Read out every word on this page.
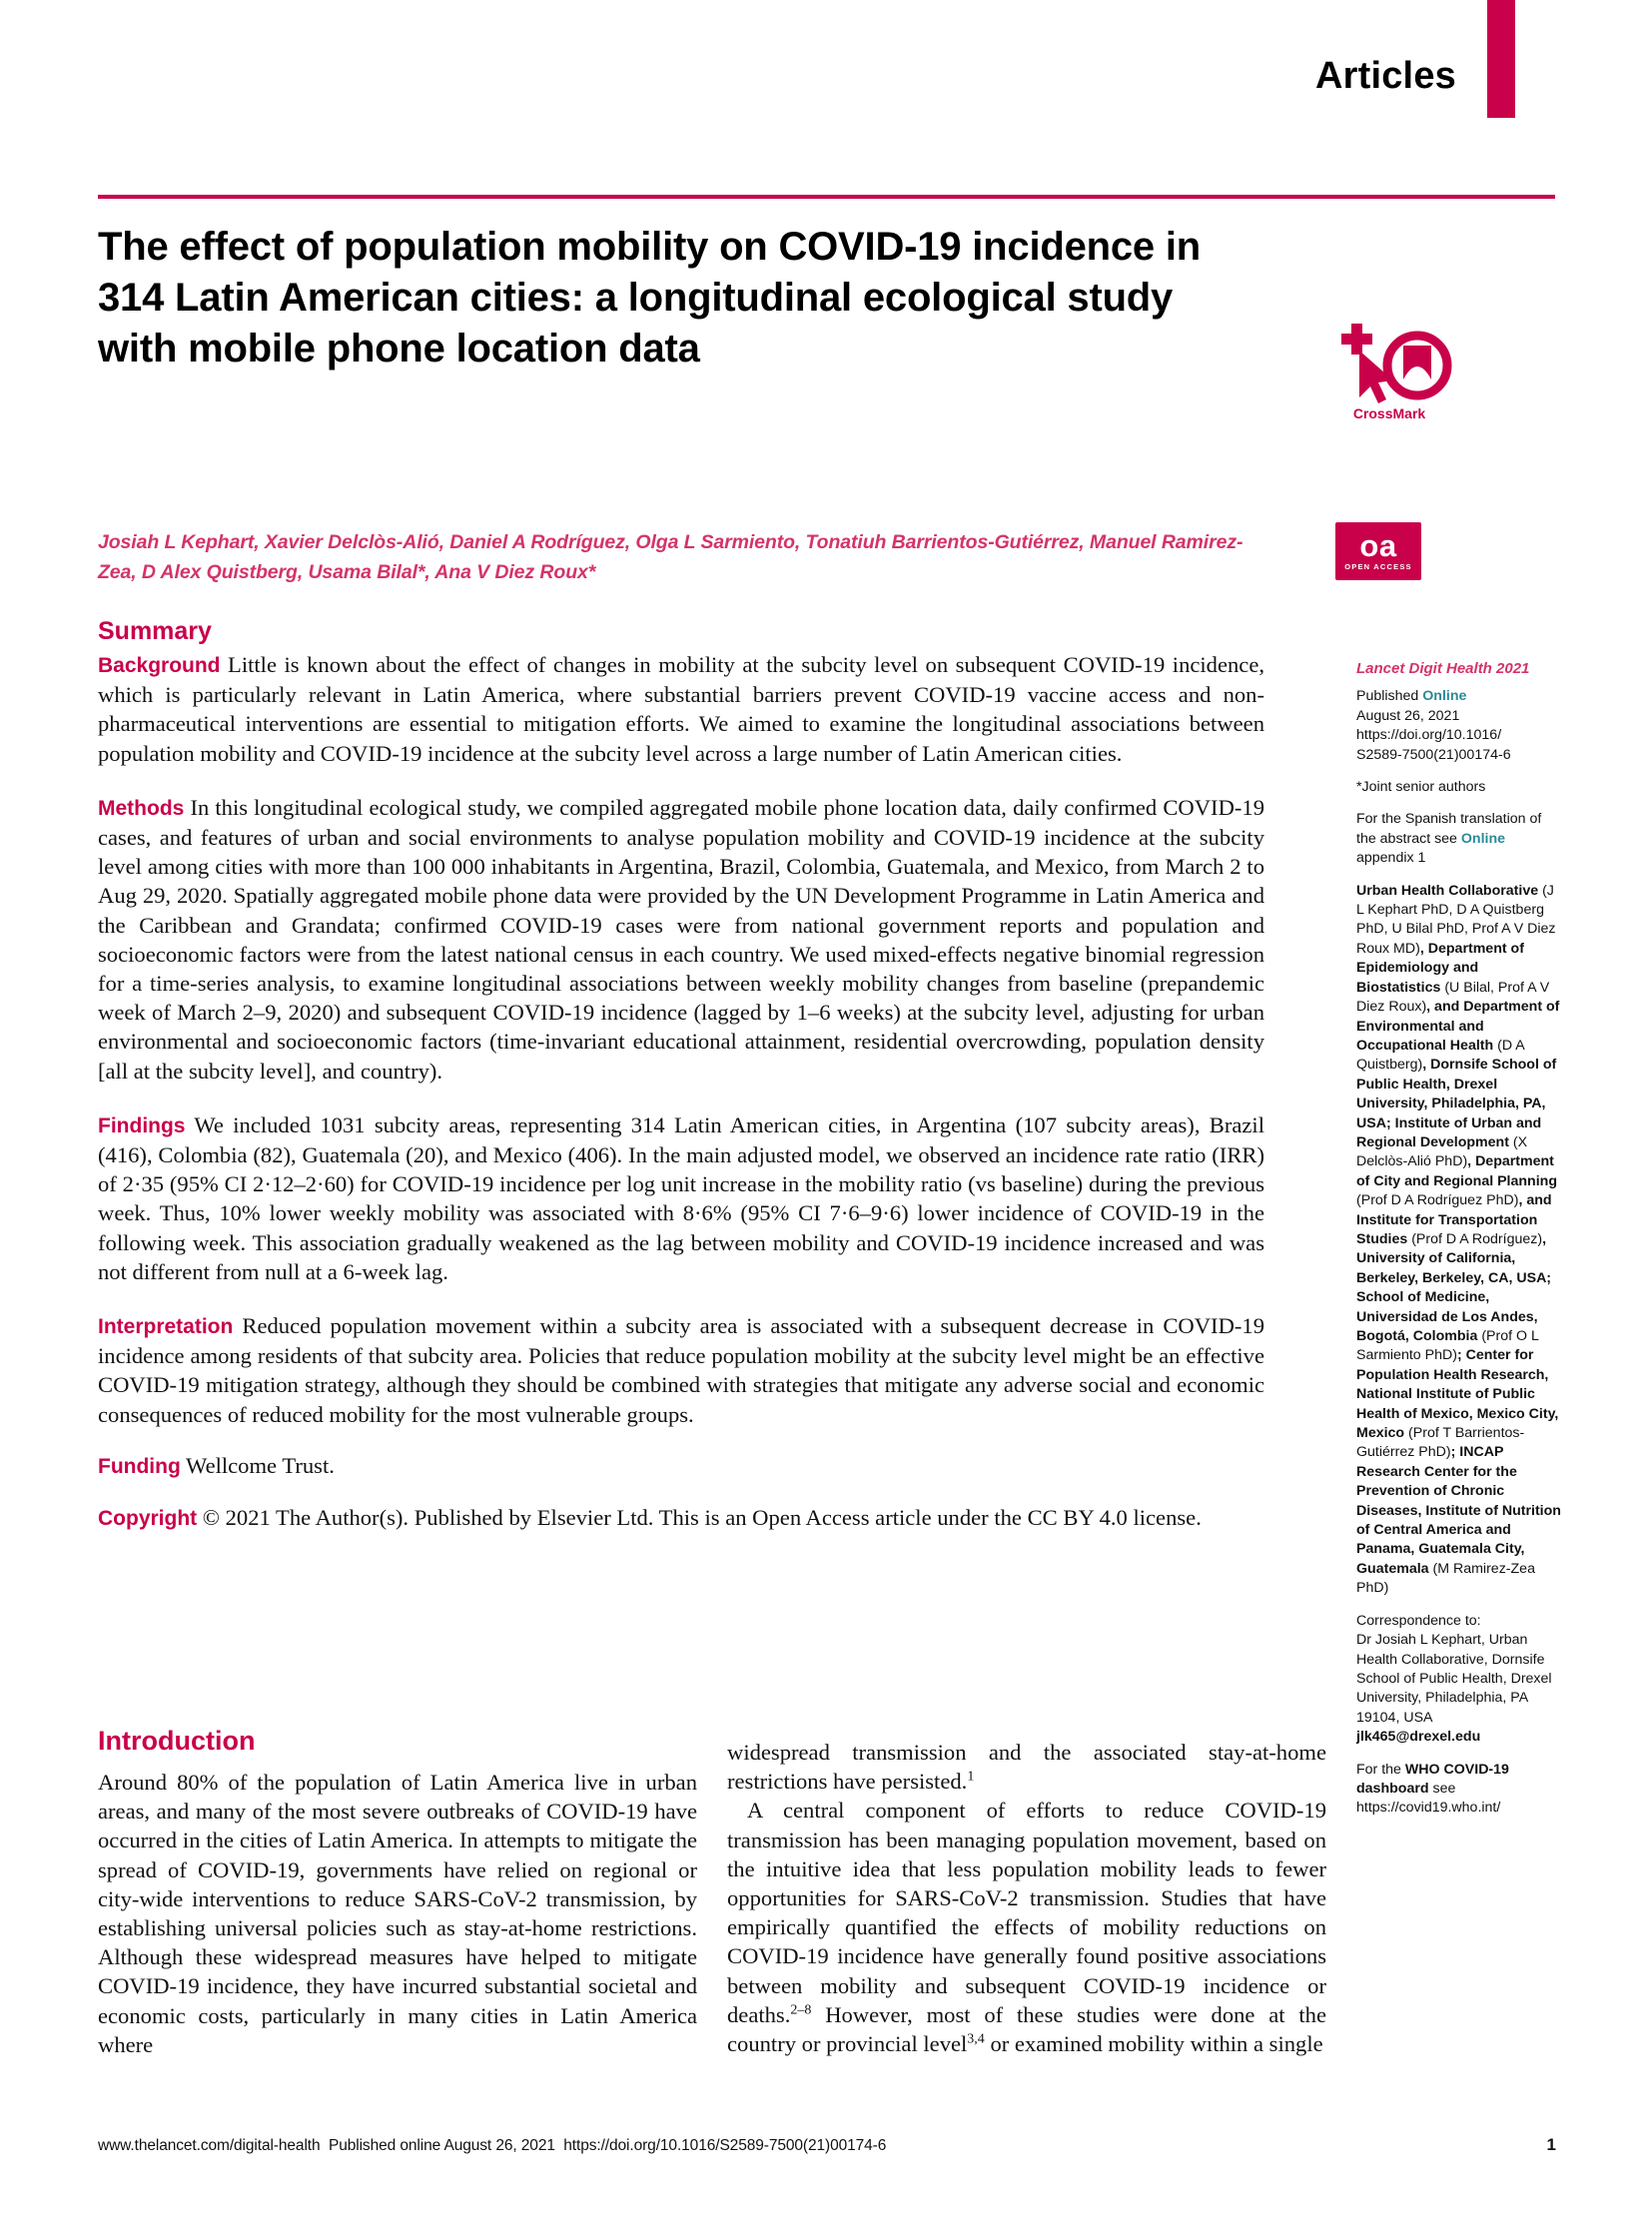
Articles
The effect of population mobility on COVID-19 incidence in 314 Latin American cities: a longitudinal ecological study with mobile phone location data
Josiah L Kephart, Xavier Delclòs-Alió, Daniel A Rodríguez, Olga L Sarmiento, Tonatiuh Barrientos-Gutiérrez, Manuel Ramirez-Zea, D Alex Quistberg, Usama Bilal*, Ana V Diez Roux*
CrossMark
oa
OPEN ACCESS
Summary

Background Little is known about the effect of changes in mobility at the subcity level on subsequent COVID-19 incidence, which is particularly relevant in Latin America, where substantial barriers prevent COVID-19 vaccine access and non-pharmaceutical interventions are essential to mitigation efforts. We aimed to examine the longitudinal associations between population mobility and COVID-19 incidence at the subcity level across a large number of Latin American cities.

Methods In this longitudinal ecological study, we compiled aggregated mobile phone location data, daily confirmed COVID-19 cases, and features of urban and social environments to analyse population mobility and COVID-19 incidence at the subcity level among cities with more than 100 000 inhabitants in Argentina, Brazil, Colombia, Guatemala, and Mexico, from March 2 to Aug 29, 2020. Spatially aggregated mobile phone data were provided by the UN Development Programme in Latin America and the Caribbean and Grandata; confirmed COVID-19 cases were from national government reports and population and socioeconomic factors were from the latest national census in each country. We used mixed-effects negative binomial regression for a time-series analysis, to examine longitudinal associations between weekly mobility changes from baseline (prepandemic week of March 2–9, 2020) and subsequent COVID-19 incidence (lagged by 1–6 weeks) at the subcity level, adjusting for urban environmental and socioeconomic factors (time-invariant educational attainment, residential overcrowding, population density [all at the subcity level], and country).

Findings We included 1031 subcity areas, representing 314 Latin American cities, in Argentina (107 subcity areas), Brazil (416), Colombia (82), Guatemala (20), and Mexico (406). In the main adjusted model, we observed an incidence rate ratio (IRR) of 2·35 (95% CI 2·12–2·60) for COVID-19 incidence per log unit increase in the mobility ratio (vs baseline) during the previous week. Thus, 10% lower weekly mobility was associated with 8·6% (95% CI 7·6–9·6) lower incidence of COVID-19 in the following week. This association gradually weakened as the lag between mobility and COVID-19 incidence increased and was not different from null at a 6-week lag.

Interpretation Reduced population movement within a subcity area is associated with a subsequent decrease in COVID-19 incidence among residents of that subcity area. Policies that reduce population mobility at the subcity level might be an effective COVID-19 mitigation strategy, although they should be combined with strategies that mitigate any adverse social and economic consequences of reduced mobility for the most vulnerable groups.

Funding Wellcome Trust.

Copyright © 2021 The Author(s). Published by Elsevier Ltd. This is an Open Access article under the CC BY 4.0 license.

Introduction

Around 80% of the population of Latin America live in urban areas, and many of the most severe outbreaks of COVID-19 have occurred in the cities of Latin America. In attempts to mitigate the spread of COVID-19, governments have relied on regional or city-wide interventions to reduce SARS-CoV-2 transmission, by establishing universal policies such as stay-at-home restrictions. Although these widespread measures have helped to mitigate COVID-19 incidence, they have incurred substantial societal and economic costs, particularly in many cities in Latin America where

widespread transmission and the associated stay-at-home restrictions have persisted.$^1$

A central component of efforts to reduce COVID-19 transmission has been managing population movement, based on the intuitive idea that less population mobility leads to fewer opportunities for SARS-CoV-2 transmission. Studies that have empirically quantified the effects of mobility reductions on COVID-19 incidence have generally found positive associations between mobility and subsequent COVID-19 incidence or deaths.$^{2-8}$ However, most of these studies were done at the country or provincial level$^{3,4}$ or examined mobility within a single

Lancet Digit Health 2021
Published Online
August 26, 2021
https://doi.org/10.1016/
S2589-7500(21)00174-6
*Joint senior authors
For the Spanish translation of the abstract see Online appendix 1
Urban Health Collaborative (J L Kephart PhD, D A Quistberg PhD, U Bilal PhD, Prof A V Diez Roux MD), Department of Epidemiology and Biostatistics (U Bilal, Prof A V Diez Roux), and Department of Environmental and Occupational Health (D A Quistberg), Dornsife School of Public Health, Drexel University, Philadelphia, PA, USA; Institute of Urban and Regional Development (X Delclòs-Alió PhD), Department of City and Regional Planning (Prof D A Rodríguez PhD), and Institute for Transportation Studies (Prof D A Rodríguez), University of California, Berkeley, Berkeley, CA, USA; School of Medicine, Universidad de Los Andes, Bogotá, Colombia (Prof O L Sarmiento PhD); Center for Population Health Research, National Institute of Public Health of Mexico, Mexico City, Mexico (Prof T Barrientos-Gutiérrez PhD); INCAP Research Center for the Prevention of Chronic Diseases, Institute of Nutrition of Central America and Panama, Guatemala City, Guatemala (M Ramirez-Zea PhD)
Correspondence to:
Dr Josiah L Kephart, Urban Health Collaborative, Dornsife School of Public Health, Drexel University, Philadelphia, PA 19104, USA
jlk465@drexel.edu
For the WHO COVID-19 dashboard see https://covid19.who.int/
www.thelancet.com/digital-health Published online August 26, 2021 https://doi.org/10.1016/S2589-7500(21)00174-6	1
